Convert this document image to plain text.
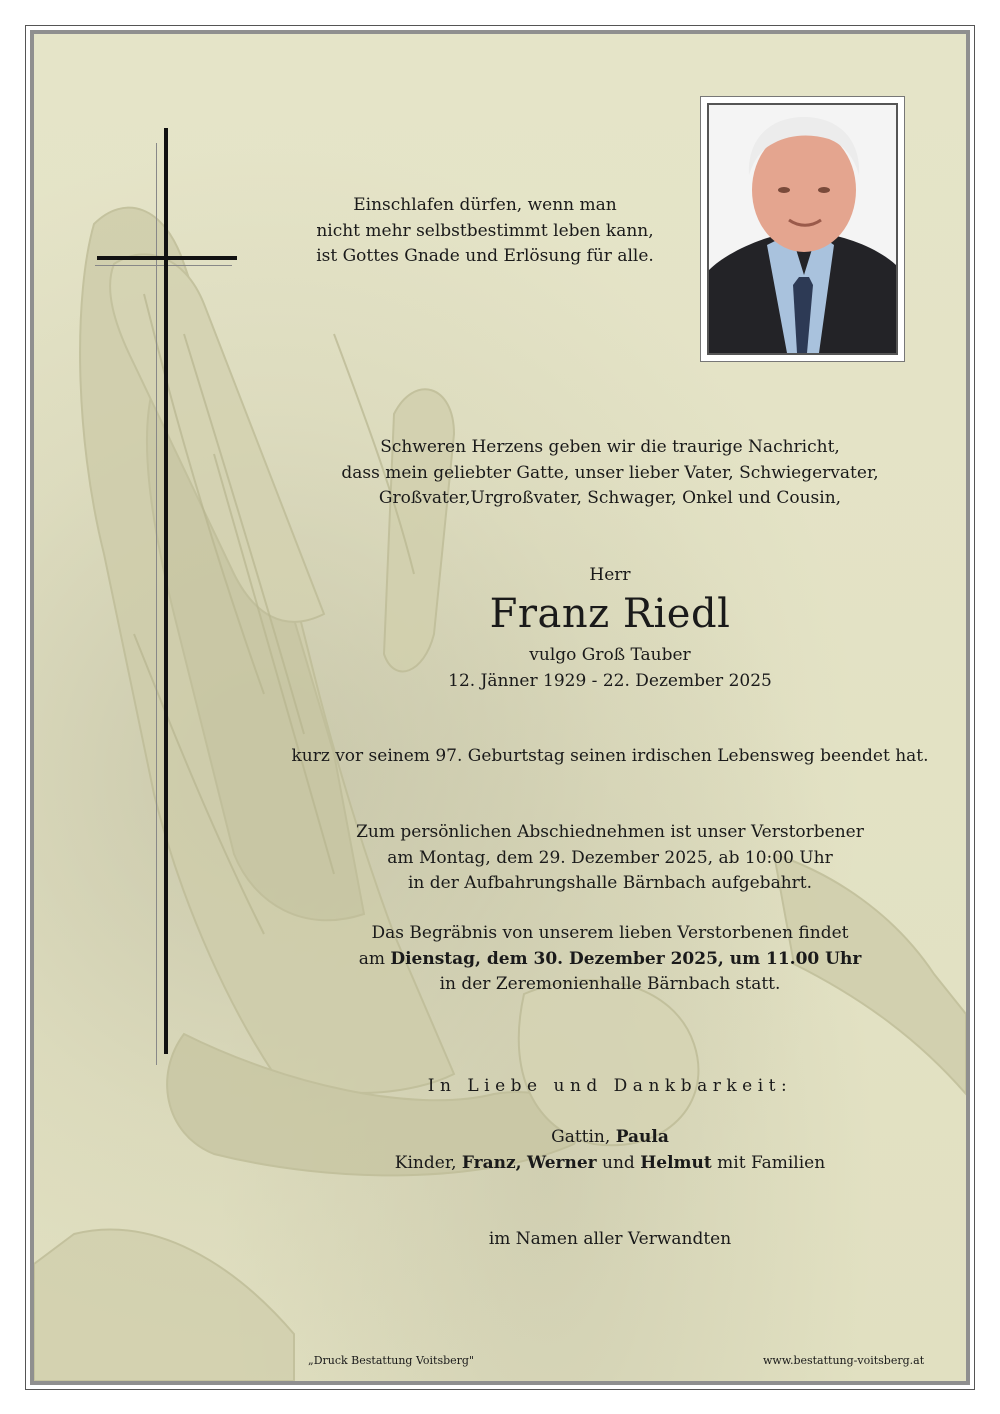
Einschlafen dürfen, wenn man
nicht mehr selbstbestimmt leben kann,
ist Gottes Gnade und Erlösung für alle.
Schweren Herzens geben wir die traurige Nachricht,
dass mein geliebter Gatte, unser lieber Vater, Schwiegervater,
Großvater,Urgroßvater, Schwager, Onkel und Cousin,
Herr
Franz Riedl
vulgo Groß Tauber
12. Jänner 1929 - 22. Dezember 2025
kurz vor seinem 97. Geburtstag seinen irdischen Lebensweg beendet hat.
Zum persönlichen Abschiednehmen ist unser Verstorbener
am Montag, dem 29. Dezember 2025, ab 10:00 Uhr
in der Aufbahrungshalle Bärnbach aufgebahrt.
Das Begräbnis von unserem lieben Verstorbenen findet
am Dienstag, dem 30. Dezember 2025, um 11.00 Uhr
in der Zeremonienhalle Bärnbach statt.
In Liebe und Dankbarkeit:
Gattin, Paula
Kinder, Franz, Werner und Helmut mit Familien
im Namen aller Verwandten
„Druck Bestattung Voitsberg"	www.bestattung-voitsberg.at
